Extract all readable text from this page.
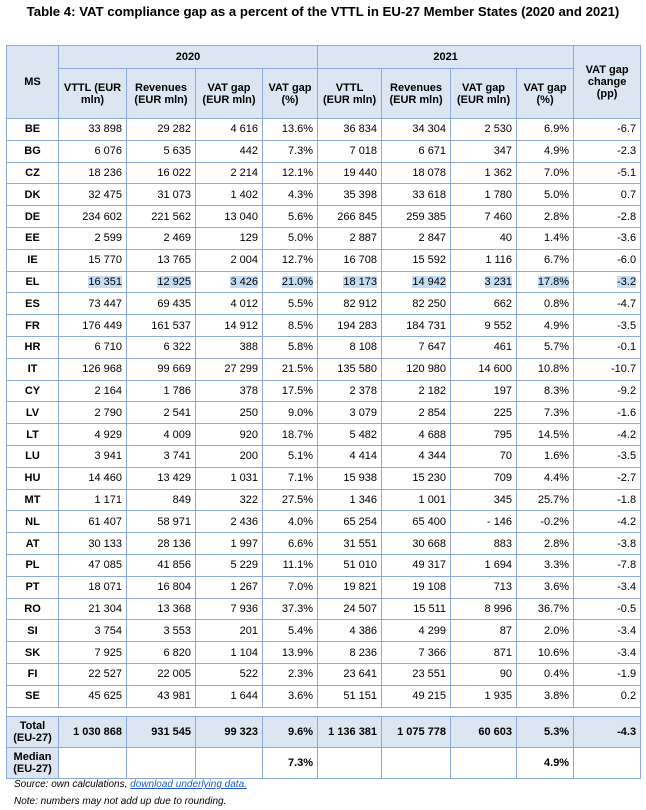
Table 4: VAT compliance gap as a percent of the VTTL in EU-27 Member States (2020 and 2021)
MS	2020				2021				VAT gap change (pp)
	VTTL (EUR mln)	Revenues (EUR mln)	VAT gap (EUR mln)	VAT gap (%)	VTTL (EUR mln)	Revenues (EUR mln)	VAT gap (EUR mln)	VAT gap (%)	
BE	33 898	29 282	4 616	13.6%	36 834	34 304	2 530	6.9%	-6.7
BG	6 076	5 635	442	7.3%	7 018	6 671	347	4.9%	-2.3
CZ	18 236	16 022	2 214	12.1%	19 440	18 078	1 362	7.0%	-5.1
DK	32 475	31 073	1 402	4.3%	35 398	33 618	1 780	5.0%	0.7
DE	234 602	221 562	13 040	5.6%	266 845	259 385	7 460	2.8%	-2.8
EE	2 599	2 469	129	5.0%	2 887	2 847	40	1.4%	-3.6
IE	15 770	13 765	2 004	12.7%	16 708	15 592	1 116	6.7%	-6.0
EL	16 351	12 925	3 426	21.0%	18 173	14 942	3 231	17.8%	-3.2
ES	73 447	69 435	4 012	5.5%	82 912	82 250	662	0.8%	-4.7
FR	176 449	161 537	14 912	8.5%	194 283	184 731	9 552	4.9%	-3.5
HR	6 710	6 322	388	5.8%	8 108	7 647	461	5.7%	-0.1
IT	126 968	99 669	27 299	21.5%	135 580	120 980	14 600	10.8%	-10.7
CY	2 164	1 786	378	17.5%	2 378	2 182	197	8.3%	-9.2
LV	2 790	2 541	250	9.0%	3 079	2 854	225	7.3%	-1.6
LT	4 929	4 009	920	18.7%	5 482	4 688	795	14.5%	-4.2
LU	3 941	3 741	200	5.1%	4 414	4 344	70	1.6%	-3.5
HU	14 460	13 429	1 031	7.1%	15 938	15 230	709	4.4%	-2.7
MT	1 171	849	322	27.5%	1 346	1 001	345	25.7%	-1.8
NL	61 407	58 971	2 436	4.0%	65 254	65 400	- 146	-0.2%	-4.2
AT	30 133	28 136	1 997	6.6%	31 551	30 668	883	2.8%	-3.8
PL	47 085	41 856	5 229	11.1%	51 010	49 317	1 694	3.3%	-7.8
PT	18 071	16 804	1 267	7.0%	19 821	19 108	713	3.6%	-3.4
RO	21 304	13 368	7 936	37.3%	24 507	15 511	8 996	36.7%	-0.5
SI	3 754	3 553	201	5.4%	4 386	4 299	87	2.0%	-3.4
SK	7 925	6 820	1 104	13.9%	8 236	7 366	871	10.6%	-3.4
FI	22 527	22 005	522	2.3%	23 641	23 551	90	0.4%	-1.9
SE	45 625	43 981	1 644	3.6%	51 151	49 215	1 935	3.8%	0.2

Total (EU-27)	1 030 868	931 545	99 323	9.6%	1 136 381	1 075 778	60 603	5.3%	-4.3
Median (EU-27)				7.3%				4.9%	
Source: own calculations, download underlying data.
Note: numbers may not add up due to rounding.
